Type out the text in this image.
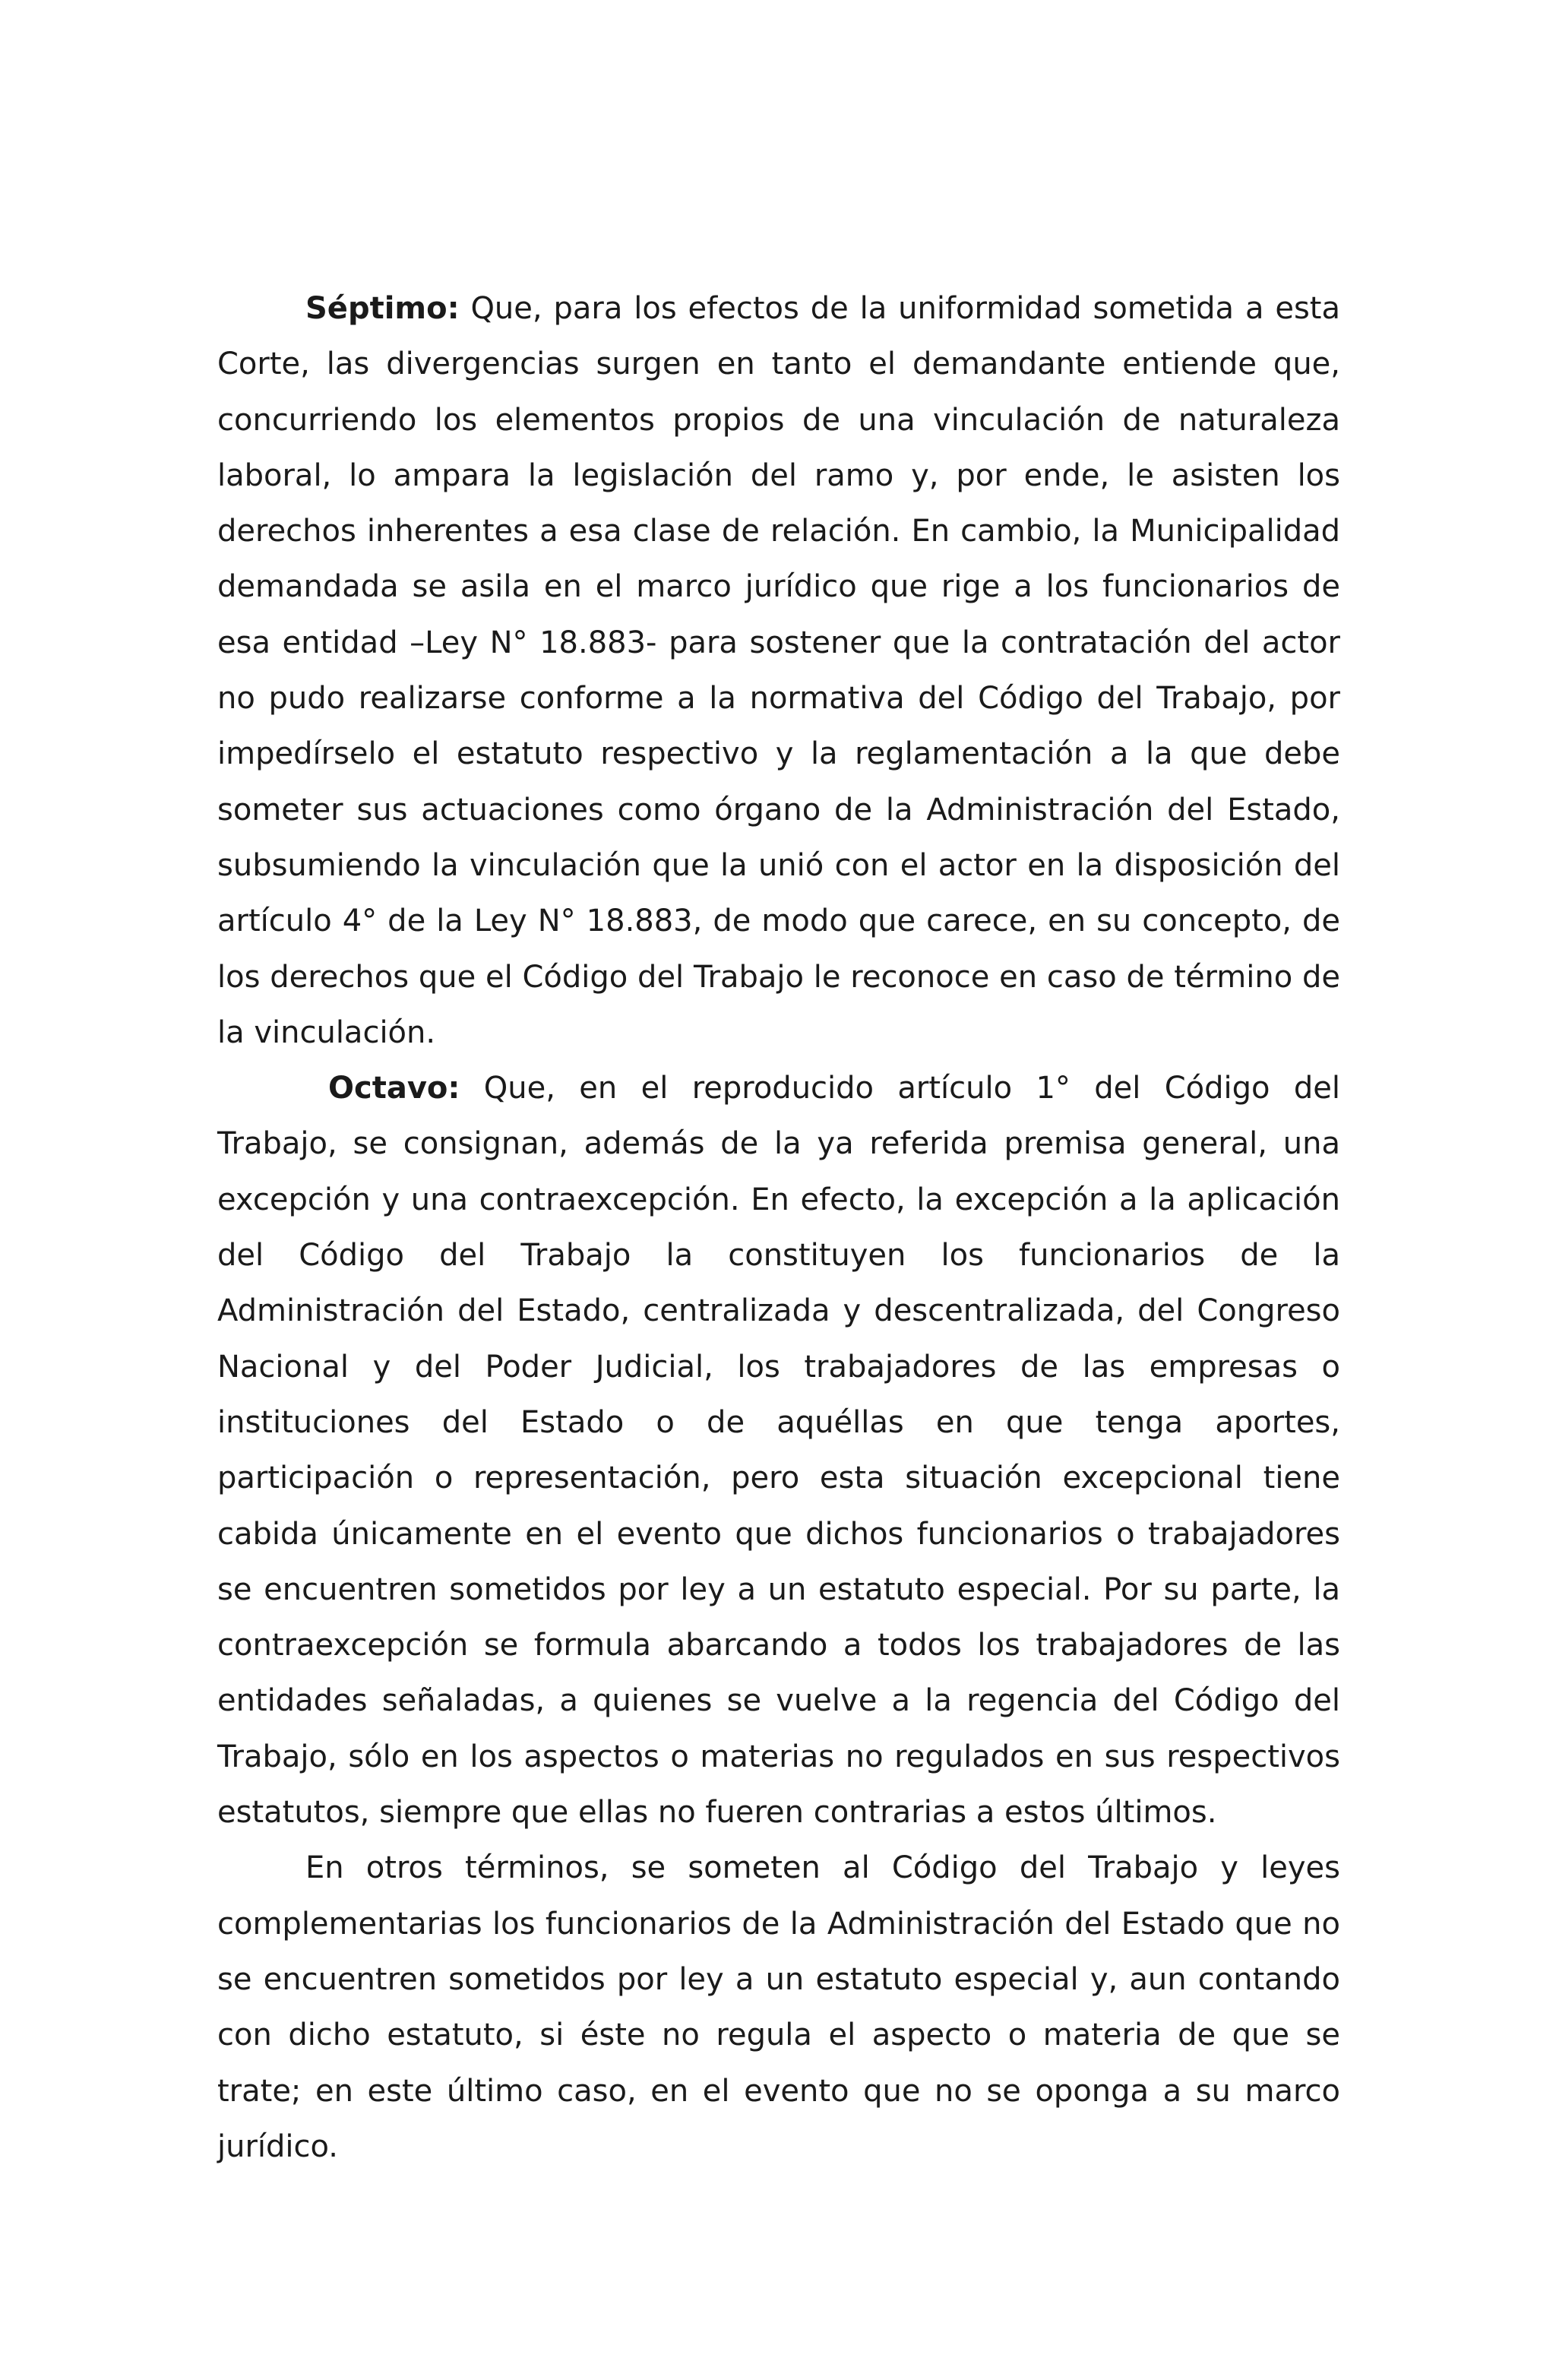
Séptimo: Que, para los efectos de la uniformidad sometida a esta Corte, las divergencias surgen en tanto el demandante entiende que, concurriendo los elementos propios de una vinculación de naturaleza laboral, lo ampara la legislación del ramo y, por ende, le asisten los derechos inherentes a esa clase de relación. En cambio, la Municipalidad demandada se asila en el marco jurídico que rige a los funcionarios de esa entidad –Ley N° 18.883- para sostener que la contratación del actor no pudo realizarse conforme a la normativa del Código del Trabajo, por impedírselo el estatuto respectivo y la reglamentación a la que debe someter sus actuaciones como órgano de la Administración del Estado, subsumiendo la vinculación que la unió con el actor en la disposición del artículo 4° de la Ley N° 18.883, de modo que carece, en su concepto, de los derechos que el Código del Trabajo le reconoce en caso de término de la vinculación.

Octavo: Que, en el reproducido artículo 1° del Código del Trabajo, se consignan, además de la ya referida premisa general, una excepción y una contraexcepción. En efecto, la excepción a la aplicación del Código del Trabajo la constituyen los funcionarios de la Administración del Estado, centralizada y descentralizada, del Congreso Nacional y del Poder Judicial, los trabajadores de las empresas o instituciones del Estado o de aquéllas en que tenga aportes, participación o representación, pero esta situación excepcional tiene cabida únicamente en el evento que dichos funcionarios o trabajadores se encuentren sometidos por ley a un estatuto especial. Por su parte, la contraexcepción se formula abarcando a todos los trabajadores de las entidades señaladas, a quienes se vuelve a la regencia del Código del Trabajo, sólo en los aspectos o materias no regulados en sus respectivos estatutos, siempre que ellas no fueren contrarias a estos últimos.

En otros términos, se someten al Código del Trabajo y leyes complementarias los funcionarios de la Administración del Estado que no se encuentren sometidos por ley a un estatuto especial y, aun contando con dicho estatuto, si éste no regula el aspecto o materia de que se trate; en este último caso, en el evento que no se oponga a su marco jurídico.
